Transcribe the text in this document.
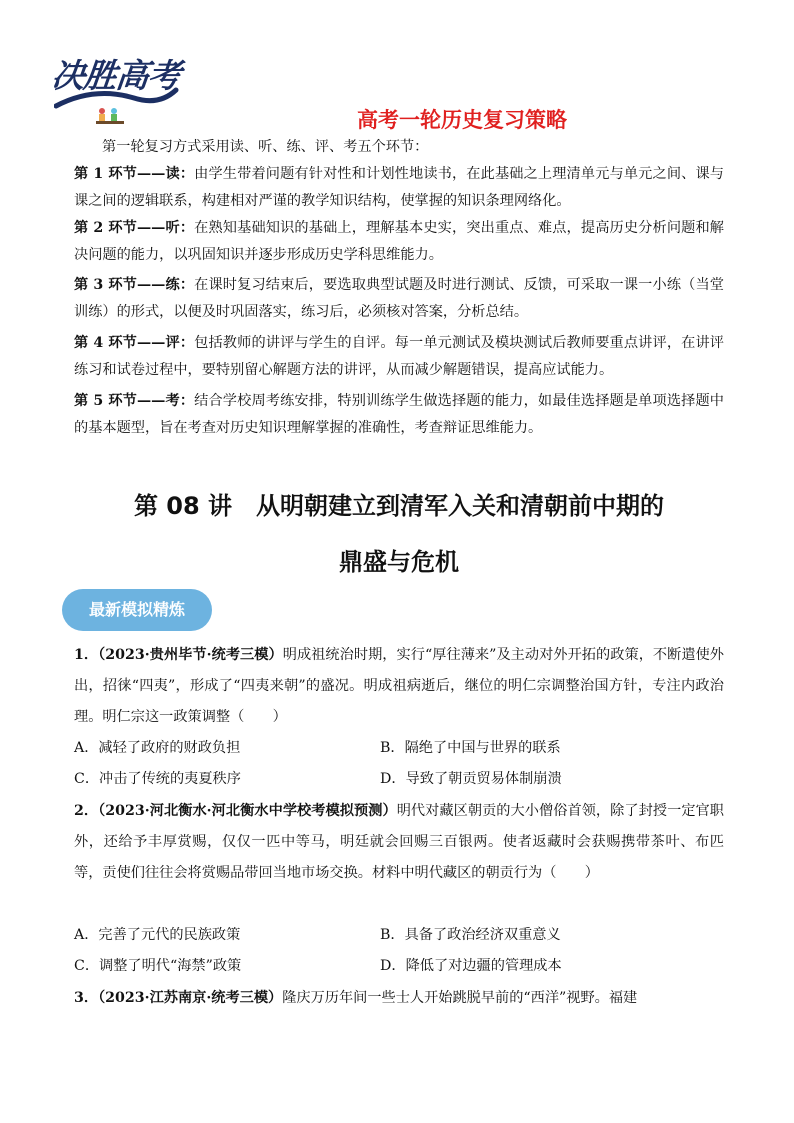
决胜高考
高考一轮历史复习策略
第一轮复习方式采用读、听、练、评、考五个环节：
第 1 环节——读：由学生带着问题有针对性和计划性地读书，在此基础之上理清单元与单元之间、课与课之间的逻辑联系，构建相对严谨的教学知识结构，使掌握的知识条理网络化。
第 2 环节——听：在熟知基础知识的基础上，理解基本史实，突出重点、难点，提高历史分析问题和解决问题的能力，以巩固知识并逐步形成历史学科思维能力。
第 3 环节——练：在课时复习结束后，要选取典型试题及时进行测试、反馈，可采取一课一小练（当堂训练）的形式，以便及时巩固落实，练习后，必须核对答案，分析总结。
第 4 环节——评：包括教师的讲评与学生的自评。每一单元测试及模块测试后教师要重点讲评，在讲评练习和试卷过程中，要特别留心解题方法的讲评，从而减少解题错误，提高应试能力。
第 5 环节——考：结合学校周考练安排，特别训练学生做选择题的能力，如最佳选择题是单项选择题中的基本题型，旨在考查对历史知识理解掌握的准确性，考查辩证思维能力。
第 08 讲　从明朝建立到清军入关和清朝前中期的
鼎盛与危机
最新模拟精炼
1．（2023·贵州毕节·统考三模）明成祖统治时期，实行“厚往薄来”及主动对外开拓的政策，不断遣使外出，招徕“四夷”，形成了“四夷来朝”的盛况。明成祖病逝后，继位的明仁宗调整治国方针，专注内政治理。明仁宗这一政策调整（　　）
A．减轻了政府的财政负担	B．隔绝了中国与世界的联系
C．冲击了传统的夷夏秩序	D．导致了朝贡贸易体制崩溃
2．（2023·河北衡水·河北衡水中学校考模拟预测）明代对藏区朝贡的大小僧俗首领，除了封授一定官职外，还给予丰厚赏赐，仅仅一匹中等马，明廷就会回赐三百银两。使者返藏时会获赐携带茶叶、布匹等，贡使们往往会将赏赐品带回当地市场交换。材料中明代藏区的朝贡行为（　　）
A．完善了元代的民族政策	B．具备了政治经济双重意义
C．调整了明代“海禁”政策	D．降低了对边疆的管理成本
3．（2023·江苏南京·统考三模）隆庆万历年间一些士人开始跳脱早前的“西洋”视野。福建
